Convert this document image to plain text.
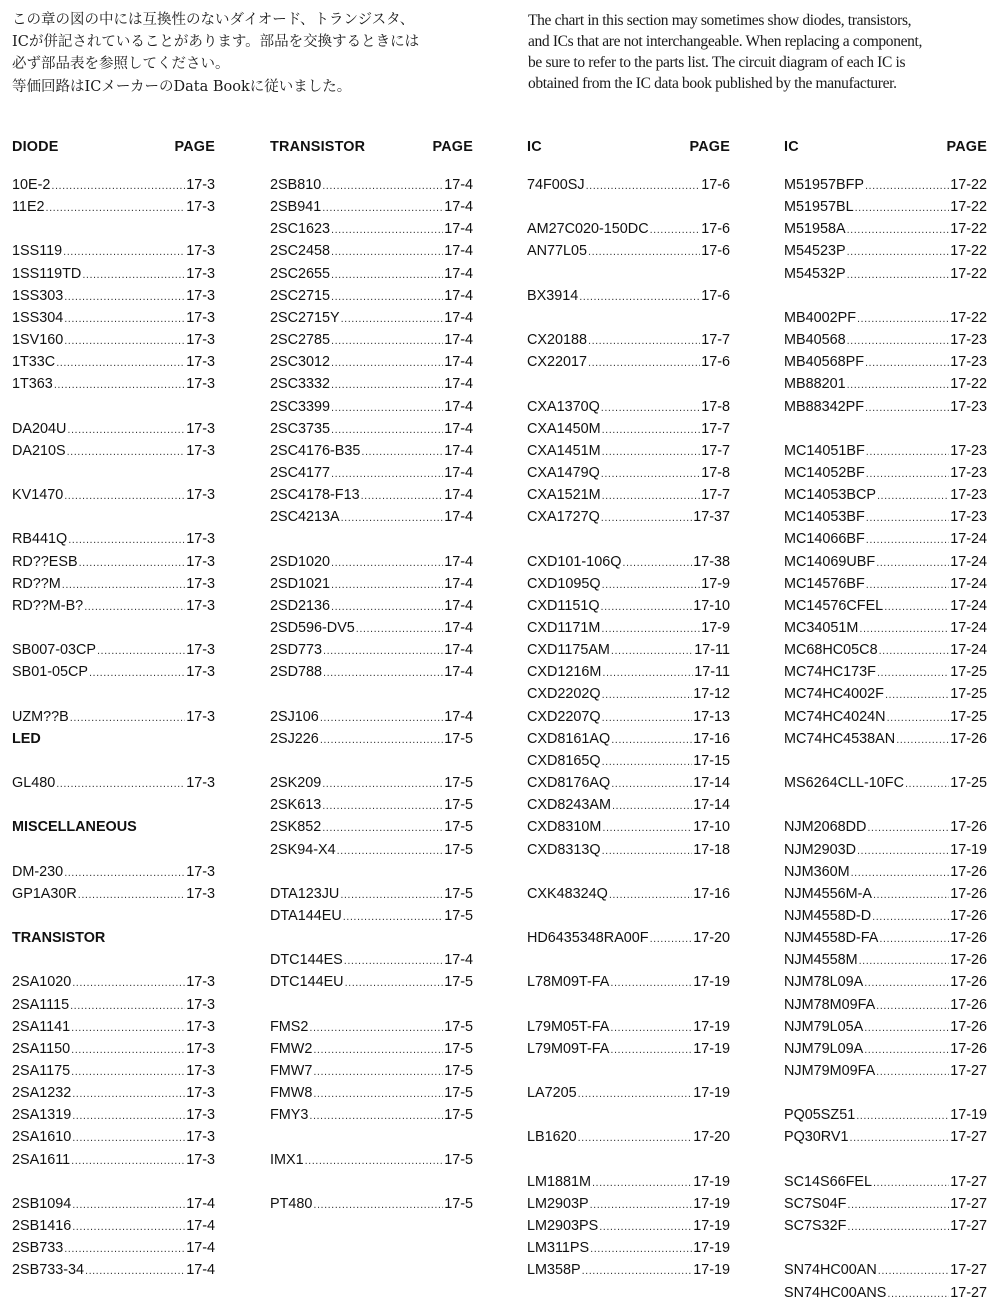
この章の図の中には互換性のないダイオード、トランジスタ、

ICが併記されていることがあります。部品を交換するときには

必ず部品表を参照してください。

等価回路はICメーカーのData Bookに従いました。

The chart in this section may sometimes show diodes, transistors,

and ICs that are not interchangeable. When replacing a component,

be sure to refer to the parts list. The circuit diagram of each IC is

obtained from the IC data book published by the manufacturer.

DIODE	PAGE
10E-2 .....	17-3
11E2 .....	17-3
1SS119 .....	17-3
1SS119TD .....	17-3
1SS303 .....	17-3
1SS304 .....	17-3
1SV160 .....	17-3
1T33C .....	17-3
1T363 .....	17-3
DA204U .....	17-3
DA210S .....	17-3
KV1470 .....	17-3
RB441Q .....	17-3
RD??ESB .....	17-3
RD??M .....	17-3
RD??M-B? .....	17-3
SB007-03CP .....	17-3
SB01-05CP .....	17-3
UZM??B .....	17-3
LED
GL480 .....	17-3
MISCELLANEOUS
DM-230 .....	17-3
GP1A30R .....	17-3
TRANSISTOR
2SA1020 .....	17-3
2SA1115 .....	17-3
2SA1141 .....	17-3
2SA1150 .....	17-3
2SA1175 .....	17-3
2SA1232 .....	17-3
2SA1319 .....	17-3
2SA1610 .....	17-3
2SA1611 .....	17-3
2SB1094 .....	17-4
2SB1416 .....	17-4
2SB733 .....	17-4
2SB733-34 .....	17-4
TRANSISTOR	PAGE
2SB810 .....	17-4
2SB941 .....	17-4
2SC1623 .....	17-4
2SC2458 .....	17-4
2SC2655 .....	17-4
2SC2715 .....	17-4
2SC2715Y .....	17-4
2SC2785 .....	17-4
2SC3012 .....	17-4
2SC3332 .....	17-4
2SC3399 .....	17-4
2SC3735 .....	17-4
2SC4176-B35 .....	17-4
2SC4177 .....	17-4
2SC4178-F13 .....	17-4
2SC4213A .....	17-4
2SD1020 .....	17-4
2SD1021 .....	17-4
2SD2136 .....	17-4
2SD596-DV5 .....	17-4
2SD773 .....	17-4
2SD788 .....	17-4
2SJ106 .....	17-4
2SJ226 .....	17-5
2SK209 .....	17-5
2SK613 .....	17-5
2SK852 .....	17-5
2SK94-X4 .....	17-5
DTA123JU .....	17-5
DTA144EU .....	17-5
DTC144ES .....	17-4
DTC144EU .....	17-5
FMS2 .....	17-5
FMW2 .....	17-5
FMW7 .....	17-5
FMW8 .....	17-5
FMY3 .....	17-5
IMX1 .....	17-5
PT480 .....	17-5
IC	PAGE
74F00SJ .....	17-6
AM27C020-150DC .....	17-6
AN77L05 .....	17-6
BX3914 .....	17-6
CX20188 .....	17-7
CX22017 .....	17-6
CXA1370Q .....	17-8
CXA1450M .....	17-7
CXA1451M .....	17-7
CXA1479Q .....	17-8
CXA1521M .....	17-7
CXA1727Q .....	17-37
CXD101-106Q .....	17-38
CXD1095Q .....	17-9
CXD1151Q .....	17-10
CXD1171M .....	17-9
CXD1175AM .....	17-11
CXD1216M .....	17-11
CXD2202Q .....	17-12
CXD2207Q .....	17-13
CXD8161AQ .....	17-16
CXD8165Q .....	17-15
CXD8176AQ .....	17-14
CXD8243AM .....	17-14
CXD8310M .....	17-10
CXD8313Q .....	17-18
CXK48324Q .....	17-16
HD6435348RA00F .....	17-20
L78M09T-FA .....	17-19
L79M05T-FA .....	17-19
L79M09T-FA .....	17-19
LA7205 .....	17-19
LB1620 .....	17-20
LM1881M .....	17-19
LM2903P .....	17-19
LM2903PS .....	17-19
LM311PS .....	17-19
LM358P .....	17-19
IC	PAGE
M51957BFP .....	17-22
M51957BL .....	17-22
M51958A .....	17-22
M54523P .....	17-22
M54532P .....	17-22
MB4002PF .....	17-22
MB40568 .....	17-23
MB40568PF .....	17-23
MB88201 .....	17-22
MB88342PF .....	17-23
MC14051BF .....	17-23
MC14052BF .....	17-23
MC14053BCP .....	17-23
MC14053BF .....	17-23
MC14066BF .....	17-24
MC14069UBF .....	17-24
MC14576BF .....	17-24
MC14576CFEL .....	17-24
MC34051M .....	17-24
MC68HC05C8 .....	17-24
MC74HC173F .....	17-25
MC74HC4002F .....	17-25
MC74HC4024N .....	17-25
MC74HC4538AN .....	17-26
MS6264CLL-10FC .....	17-25
NJM2068DD .....	17-26
NJM2903D .....	17-19
NJM360M .....	17-26
NJM4556M-A .....	17-26
NJM4558D-D .....	17-26
NJM4558D-FA .....	17-26
NJM4558M .....	17-26
NJM78L09A .....	17-26
NJM78M09FA .....	17-26
NJM79L05A .....	17-26
NJM79L09A .....	17-26
NJM79M09FA .....	17-27
PQ05SZ51 .....	17-19
PQ30RV1 .....	17-27
SC14S66FEL .....	17-27
SC7S04F .....	17-27
SC7S32F .....	17-27
SN74HC00AN .....	17-27
SN74HC00ANS .....	17-27
